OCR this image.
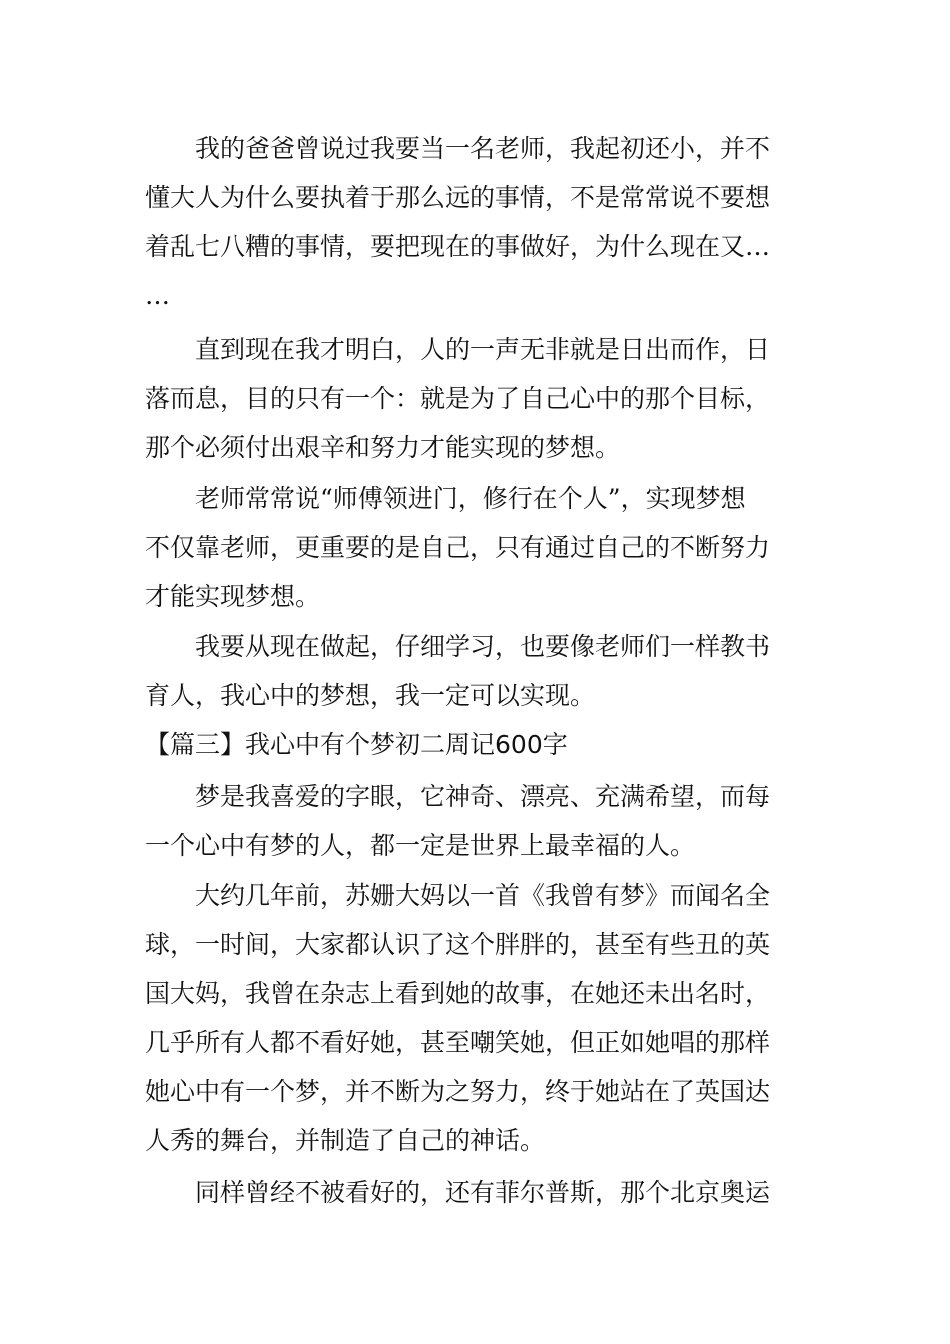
　　我的爸爸曾说过我要当一名老师，我起初还小，并不
懂大人为什么要执着于那么远的事情，不是常常说不要想
着乱七八糟的事情，要把现在的事做好，为什么现在又…
…
　　直到现在我才明白，人的一声无非就是日出而作，日
落而息，目的只有一个：就是为了自己心中的那个目标，
那个必须付出艰辛和努力才能实现的梦想。
　　老师常常说“师傅领进门，修行在个人”，实现梦想
不仅靠老师，更重要的是自己，只有通过自己的不断努力
才能实现梦想。
　　我要从现在做起，仔细学习，也要像老师们一样教书
育人，我心中的梦想，我一定可以实现。
【篇三】我心中有个梦初二周记600字
　　梦是我喜爱的字眼，它神奇、漂亮、充满希望，而每
一个心中有梦的人，都一定是世界上最幸福的人。
　　大约几年前，苏姗大妈以一首《我曾有梦》而闻名全
球，一时间，大家都认识了这个胖胖的，甚至有些丑的英
国大妈，我曾在杂志上看到她的故事，在她还未出名时，
几乎所有人都不看好她，甚至嘲笑她，但正如她唱的那样
她心中有一个梦，并不断为之努力，终于她站在了英国达
人秀的舞台，并制造了自己的神话。
　　同样曾经不被看好的，还有菲尔普斯，那个北京奥运
